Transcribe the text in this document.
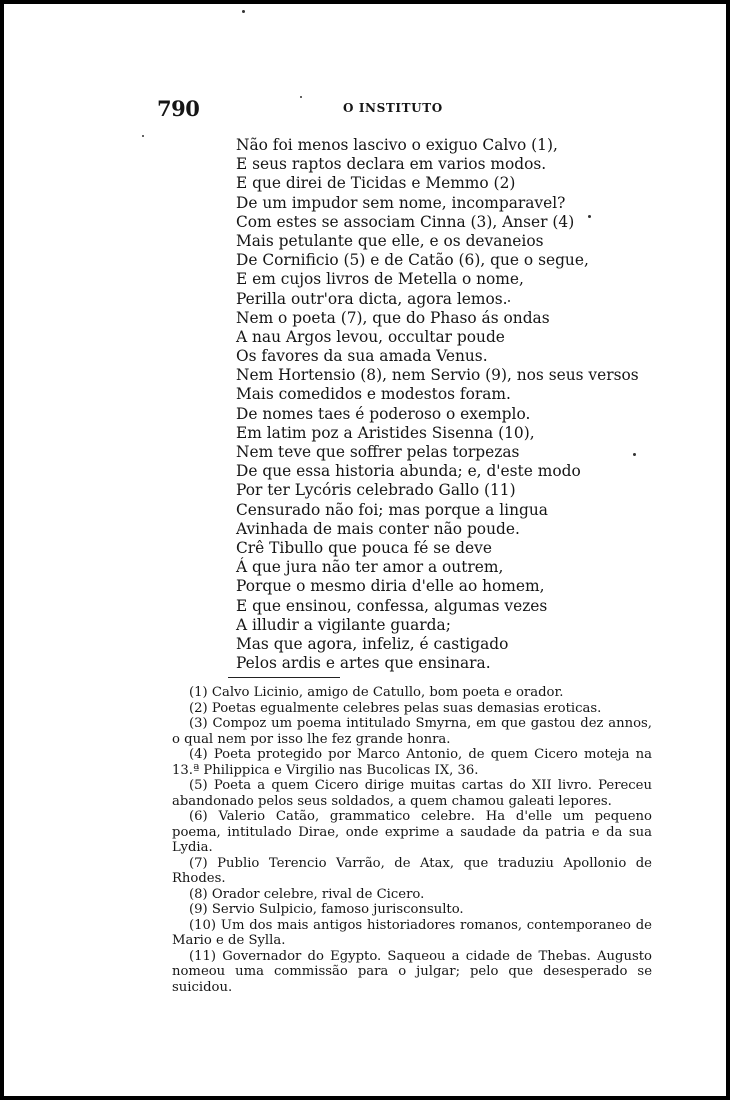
790	O INSTITUTO
Não foi menos lascivo o exiguo Calvo (1),
E seus raptos declara em varios modos.
E que direi de Ticidas e Memmo (2)
De um impudor sem nome, incomparavel?
Com estes se associam Cinna (3), Anser (4)
Mais petulante que elle, e os devaneios
De Cornificio (5) e de Catão (6), que o segue,
E em cujos livros de Metella o nome,
Perilla outr'ora dicta, agora lemos.
Nem o poeta (7), que do Phaso ás ondas
A nau Argos levou, occultar poude
Os favores da sua amada Venus.
Nem Hortensio (8), nem Servio (9), nos seus versos
Mais comedidos e modestos foram.
De nomes taes é poderoso o exemplo.
Em latim poz a Aristides Sisenna (10),
Nem teve que soffrer pelas torpezas
De que essa historia abunda; e, d'este modo
Por ter Lycóris celebrado Gallo (11)
Censurado não foi; mas porque a lingua
Avinhada de mais conter não poude.
Crê Tibullo que pouca fé se deve
Á que jura não ter amor a outrem,
Porque o mesmo diria d'elle ao homem,
E que ensinou, confessa, algumas vezes
A illudir a vigilante guarda;
Mas que agora, infeliz, é castigado
Pelos ardis e artes que ensinara.
(1) Calvo Licinio, amigo de Catullo, bom poeta e orador.
(2) Poetas egualmente celebres pelas suas demasias eroticas.
(3) Compoz um poema intitulado Smyrna, em que gastou dez annos, o qual nem por isso lhe fez grande honra.
(4) Poeta protegido por Marco Antonio, de quem Cicero moteja na 13.ª Philippica e Virgilio nas Bucolicas IX, 36.
(5) Poeta a quem Cicero dirige muitas cartas do XII livro. Pereceu abandonado pelos seus soldados, a quem chamou galeati lepores.
(6) Valerio Catão, grammatico celebre. Ha d'elle um pequeno poema, intitulado Dirae, onde exprime a saudade da patria e da sua Lydia.
(7) Publio Terencio Varrão, de Atax, que traduziu Apollonio de Rhodes.
(8) Orador celebre, rival de Cicero.
(9) Servio Sulpicio, famoso jurisconsulto.
(10) Um dos mais antigos historiadores romanos, contemporaneo de Mario e de Sylla.
(11) Governador do Egypto. Saqueou a cidade de Thebas. Augusto nomeou uma commissão para o julgar; pelo que desesperado se suicidou.
